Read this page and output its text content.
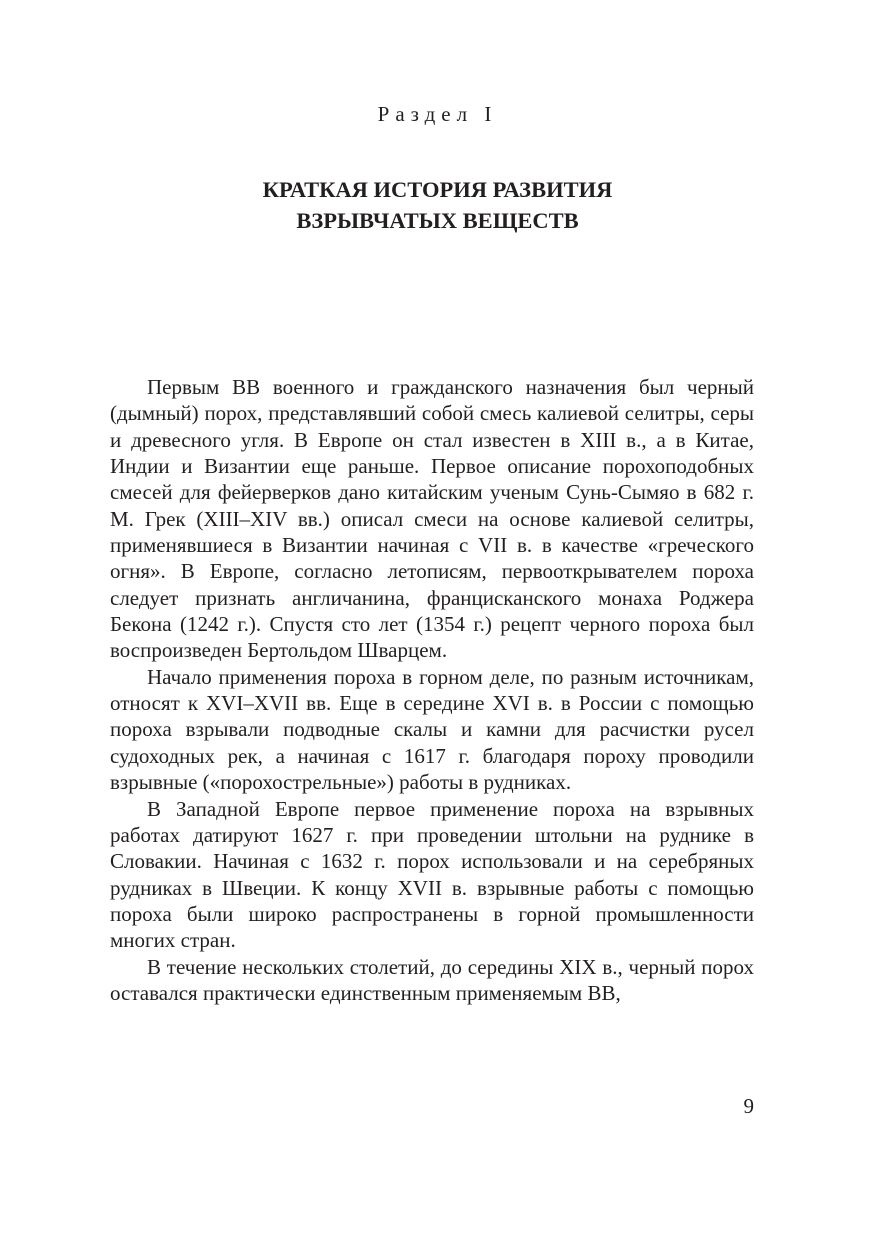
Раздел I
КРАТКАЯ ИСТОРИЯ РАЗВИТИЯ
ВЗРЫВЧАТЫХ ВЕЩЕСТВ

Первым ВВ военного и гражданского назначения был черный (дымный) порох, представлявший собой смесь калиевой селитры, серы и древесного угля. В Европе он стал известен в XIII в., а в Китае, Индии и Византии еще раньше. Первое описание порохоподобных смесей для фейерверков дано китайским ученым Сунь-Сымяо в 682 г. М. Грек (XIII–XIV вв.) описал смеси на основе калиевой селитры, применявшиеся в Византии начиная с VII в. в качестве «греческого огня». В Европе, согласно летописям, первооткрывателем пороха следует признать англичанина, францисканского монаха Роджера Бекона (1242 г.). Спустя сто лет (1354 г.) рецепт черного пороха был воспроизведен Бертольдом Шварцем.

Начало применения пороха в горном деле, по разным источникам, относят к XVI–XVII вв. Еще в середине XVI в. в России с помощью пороха взрывали подводные скалы и камни для расчистки русел судоходных рек, а начиная с 1617 г. благодаря пороху проводили взрывные («порохострельные») работы в рудниках.

В Западной Европе первое применение пороха на взрывных работах датируют 1627 г. при проведении штольни на руднике в Словакии. Начиная с 1632 г. порох использовали и на серебряных рудниках в Швеции. К концу XVII в. взрывные работы с помощью пороха были широко распространены в горной промышленности многих стран.

В течение нескольких столетий, до середины XIX в., черный порох оставался практически единственным применяемым ВВ,

9
